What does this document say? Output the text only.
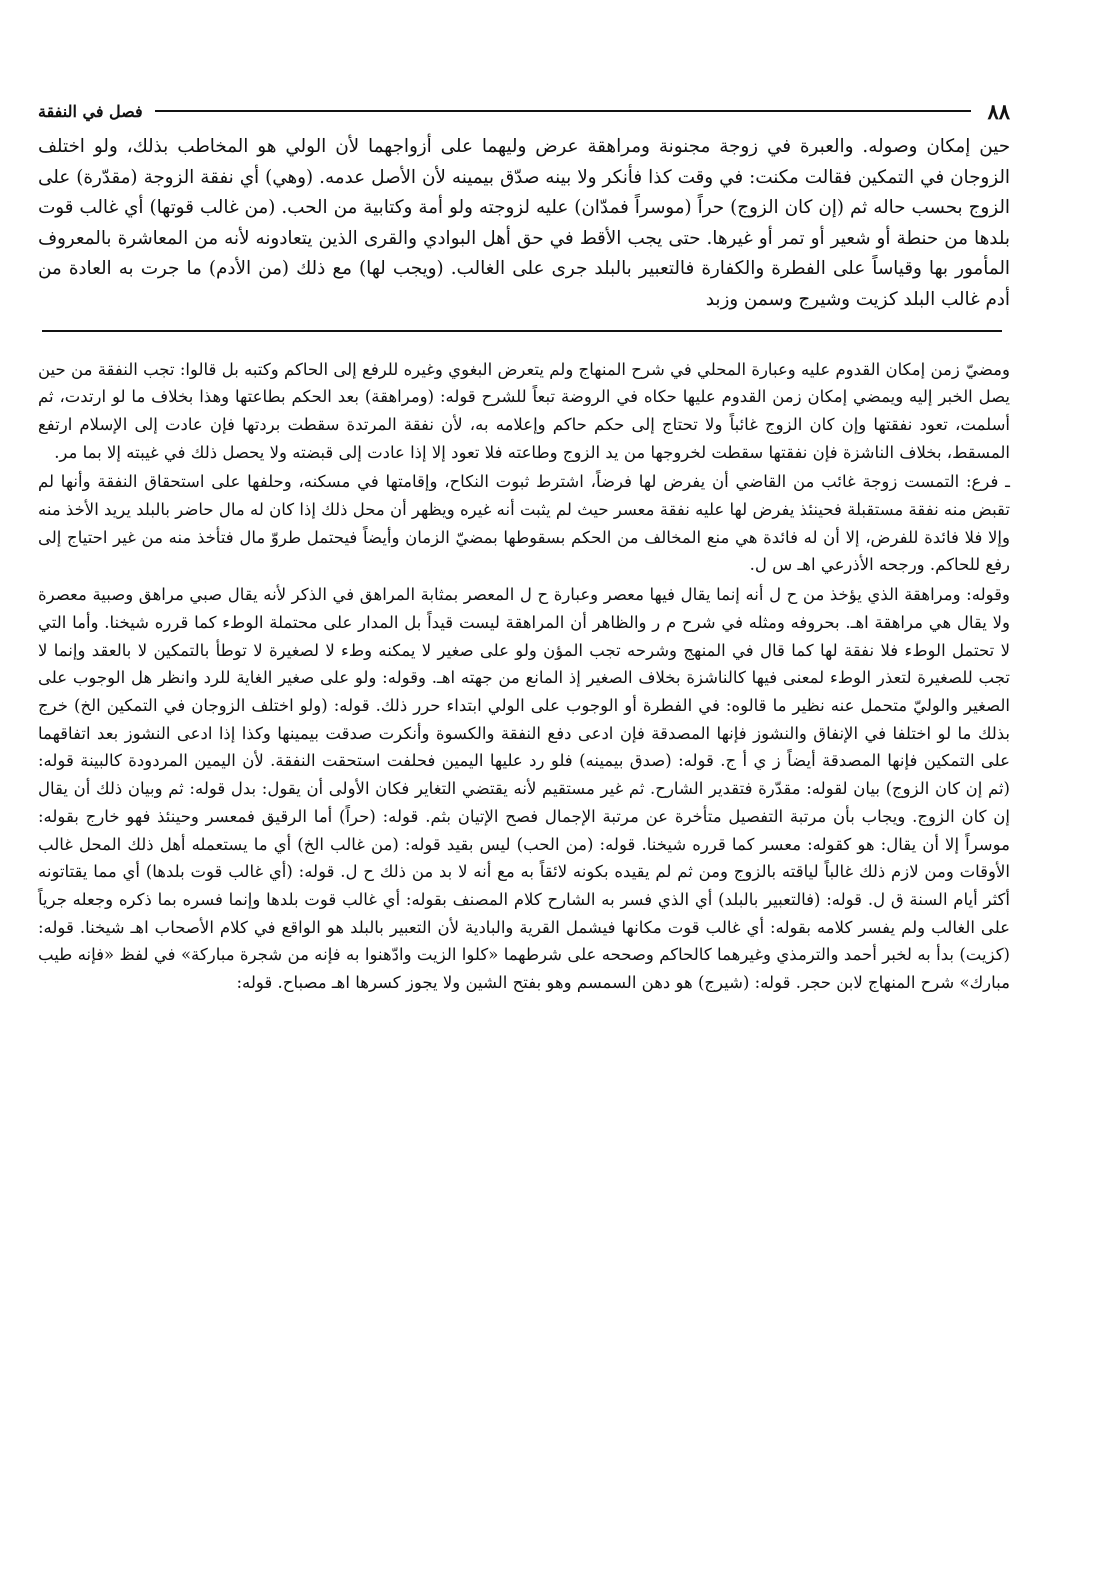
٨٨
فصل في النفقة

حين إمكان وصوله. والعبرة في زوجة مجنونة ومراهقة عرض وليهما على أزواجهما لأن الولي هو المخاطب بذلك، ولو اختلف الزوجان في التمكين فقالت مكنت: في وقت كذا فأنكر ولا بينه صدّق بيمينه لأن الأصل عدمه. (وهي) أي نفقة الزوجة (مقدّرة) على الزوج بحسب حاله ثم (إن كان الزوج) حراً (موسراً فمدّان) عليه لزوجته ولو أمة وكتابية من الحب. (من غالب قوتها) أي غالب قوت بلدها من حنطة أو شعير أو تمر أو غيرها. حتى يجب الأقط في حق أهل البوادي والقرى الذين يتعادونه لأنه من المعاشرة بالمعروف المأمور بها وقياساً على الفطرة والكفارة فالتعبير بالبلد جرى على الغالب. (ويجب لها) مع ذلك (من الأدم) ما جرت به العادة من أدم غالب البلد كزيت وشيرج وسمن وزبد

ومضيّ زمن إمكان القدوم عليه وعبارة المحلي في شرح المنهاج ولم يتعرض البغوي وغيره للرفع إلى الحاكم وكتبه بل قالوا: تجب النفقة من حين يصل الخبر إليه ويمضي إمكان زمن القدوم عليها حكاه في الروضة تبعاً للشرح قوله: (ومراهقة) بعد الحكم بطاعتها وهذا بخلاف ما لو ارتدت، ثم أسلمت، تعود نفقتها وإن كان الزوج غائباً ولا تحتاج إلى حكم حاكم وإعلامه به، لأن نفقة المرتدة سقطت بردتها فإن عادت إلى الإسلام ارتفع المسقط، بخلاف الناشزة فإن نفقتها سقطت لخروجها من يد الزوج وطاعته فلا تعود إلا إذا عادت إلى قبضته ولا يحصل ذلك في غيبته إلا بما مر.

ـ فرع: التمست زوجة غائب من القاضي أن يفرض لها فرضاً، اشترط ثبوت النكاح، وإقامتها في مسكنه، وحلفها على استحقاق النفقة وأنها لم تقبض منه نفقة مستقبلة فحينئذ يفرض لها عليه نفقة معسر حيث لم يثبت أنه غيره ويظهر أن محل ذلك إذا كان له مال حاضر بالبلد يريد الأخذ منه وإلا فلا فائدة للفرض، إلا أن له فائدة هي منع المخالف من الحكم بسقوطها بمضيّ الزمان وأيضاً فيحتمل طروّ مال فتأخذ منه من غير احتياج إلى رفع للحاكم. ورجحه الأذرعي اهـ س ل.

وقوله: ومراهقة الذي يؤخذ من ح ل أنه إنما يقال فيها معصر وعبارة ح ل المعصر بمثابة المراهق في الذكر لأنه يقال صبي مراهق وصبية معصرة ولا يقال هي مراهقة اهـ. بحروفه ومثله في شرح م ر والظاهر أن المراهقة ليست قيداً بل المدار على محتملة الوطء كما قرره شيخنا. وأما التي لا تحتمل الوطء فلا نفقة لها كما قال في المنهج وشرحه تجب المؤن ولو على صغير لا يمكنه وطء لا لصغيرة لا توطأ بالتمكين لا بالعقد وإنما لا تجب للصغيرة لتعذر الوطء لمعنى فيها كالناشزة بخلاف الصغير إذ المانع من جهته اهـ. وقوله: ولو على صغير الغاية للرد وانظر هل الوجوب على الصغير والوليّ متحمل عنه نظير ما قالوه: في الفطرة أو الوجوب على الولي ابتداء حرر ذلك. قوله: (ولو اختلف الزوجان في التمكين الخ) خرج بذلك ما لو اختلفا في الإنفاق والنشوز فإنها المصدقة فإن ادعى دفع النفقة والكسوة وأنكرت صدقت بيمينها وكذا إذا ادعى النشوز بعد اتفاقهما على التمكين فإنها المصدقة أيضاً ز ي أ ج. قوله: (صدق بيمينه) فلو رد عليها اليمين فحلفت استحقت النفقة. لأن اليمين المردودة كالبينة قوله: (ثم إن كان الزوج) بيان لقوله: مقدّرة فتقدير الشارح. ثم غير مستقيم لأنه يقتضي التغاير فكان الأولى أن يقول: بدل قوله: ثم وبيان ذلك أن يقال إن كان الزوج. ويجاب بأن مرتبة التفصيل متأخرة عن مرتبة الإجمال فصح الإتيان بثم. قوله: (حراً) أما الرقيق فمعسر وحينئذ فهو خارج بقوله: موسراً إلا أن يقال: هو كقوله: معسر كما قرره شيخنا. قوله: (من الحب) ليس بقيد قوله: (من غالب الخ) أي ما يستعمله أهل ذلك المحل غالب الأوقات ومن لازم ذلك غالباً لياقته بالزوج ومن ثم لم يقيده بكونه لائقاً به مع أنه لا بد من ذلك ح ل. قوله: (أي غالب قوت بلدها) أي مما يقتاتونه أكثر أيام السنة ق ل. قوله: (فالتعبير بالبلد) أي الذي فسر به الشارح كلام المصنف بقوله: أي غالب قوت بلدها وإنما فسره بما ذكره وجعله جرياً على الغالب ولم يفسر كلامه بقوله: أي غالب قوت مكانها فيشمل القرية والبادية لأن التعبير بالبلد هو الواقع في كلام الأصحاب اهـ شيخنا. قوله: (كزيت) بدأ به لخبر أحمد والترمذي وغيرهما كالحاكم وصححه على شرطهما «كلوا الزيت وادّهنوا به فإنه من شجرة مباركة» في لفظ «فإنه طيب مبارك» شرح المنهاج لابن حجر. قوله: (شيرج) هو دهن السمسم وهو بفتح الشين ولا يجوز كسرها اهـ مصباح. قوله:
